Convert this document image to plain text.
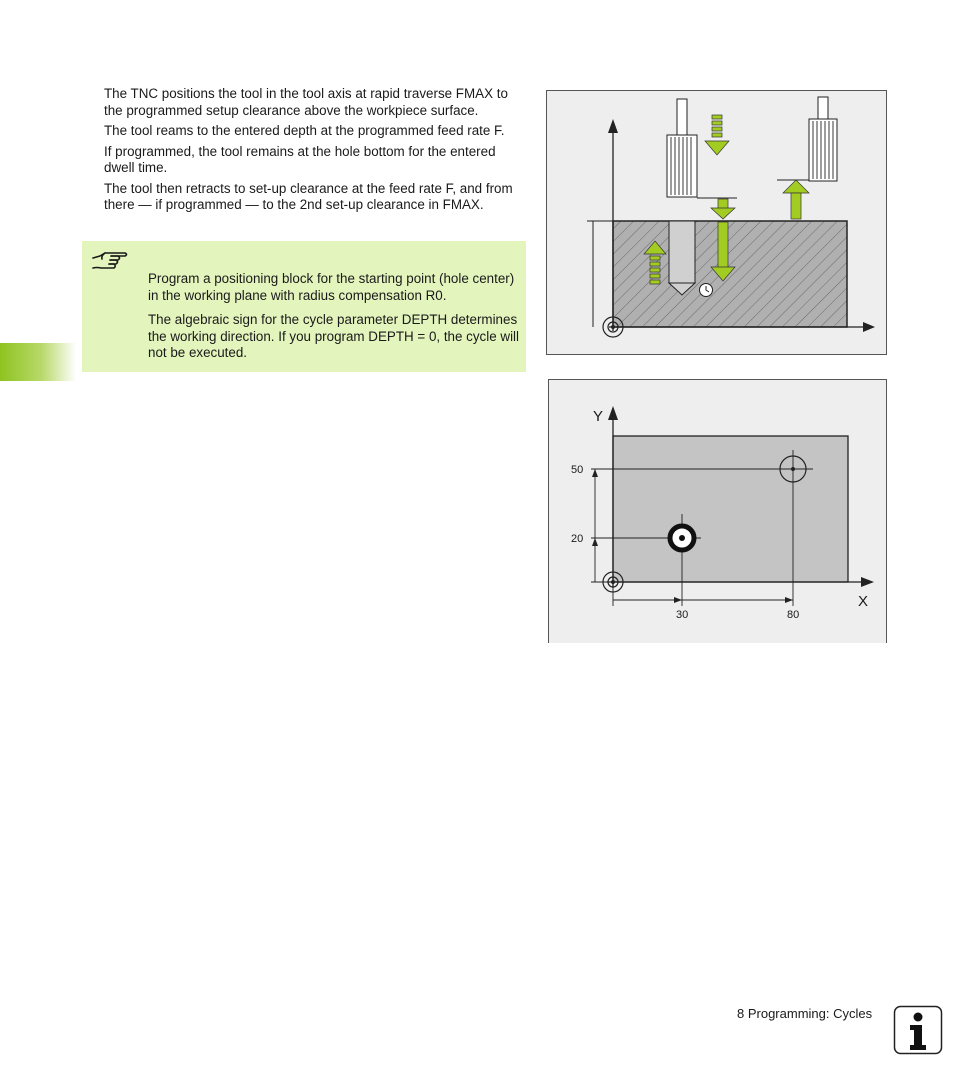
The TNC positions the tool in the tool axis at rapid traverse FMAX to the programmed setup clearance above the workpiece surface.

The tool reams to the entered depth at the programmed feed rate F.

If programmed, the tool remains at the hole bottom for the entered dwell time.

The tool then retracts to set-up clearance at the feed rate F, and from there — if programmed — to the 2nd set-up clearance in FMAX.

Program a positioning block for the starting point (hole center) in the working plane with radius compensation R0.

The algebraic sign for the cycle parameter DEPTH determines the working direction. If you program DEPTH = 0, the cycle will not be executed.

Y
X
50
20
30	80
8 Programming: Cycles
